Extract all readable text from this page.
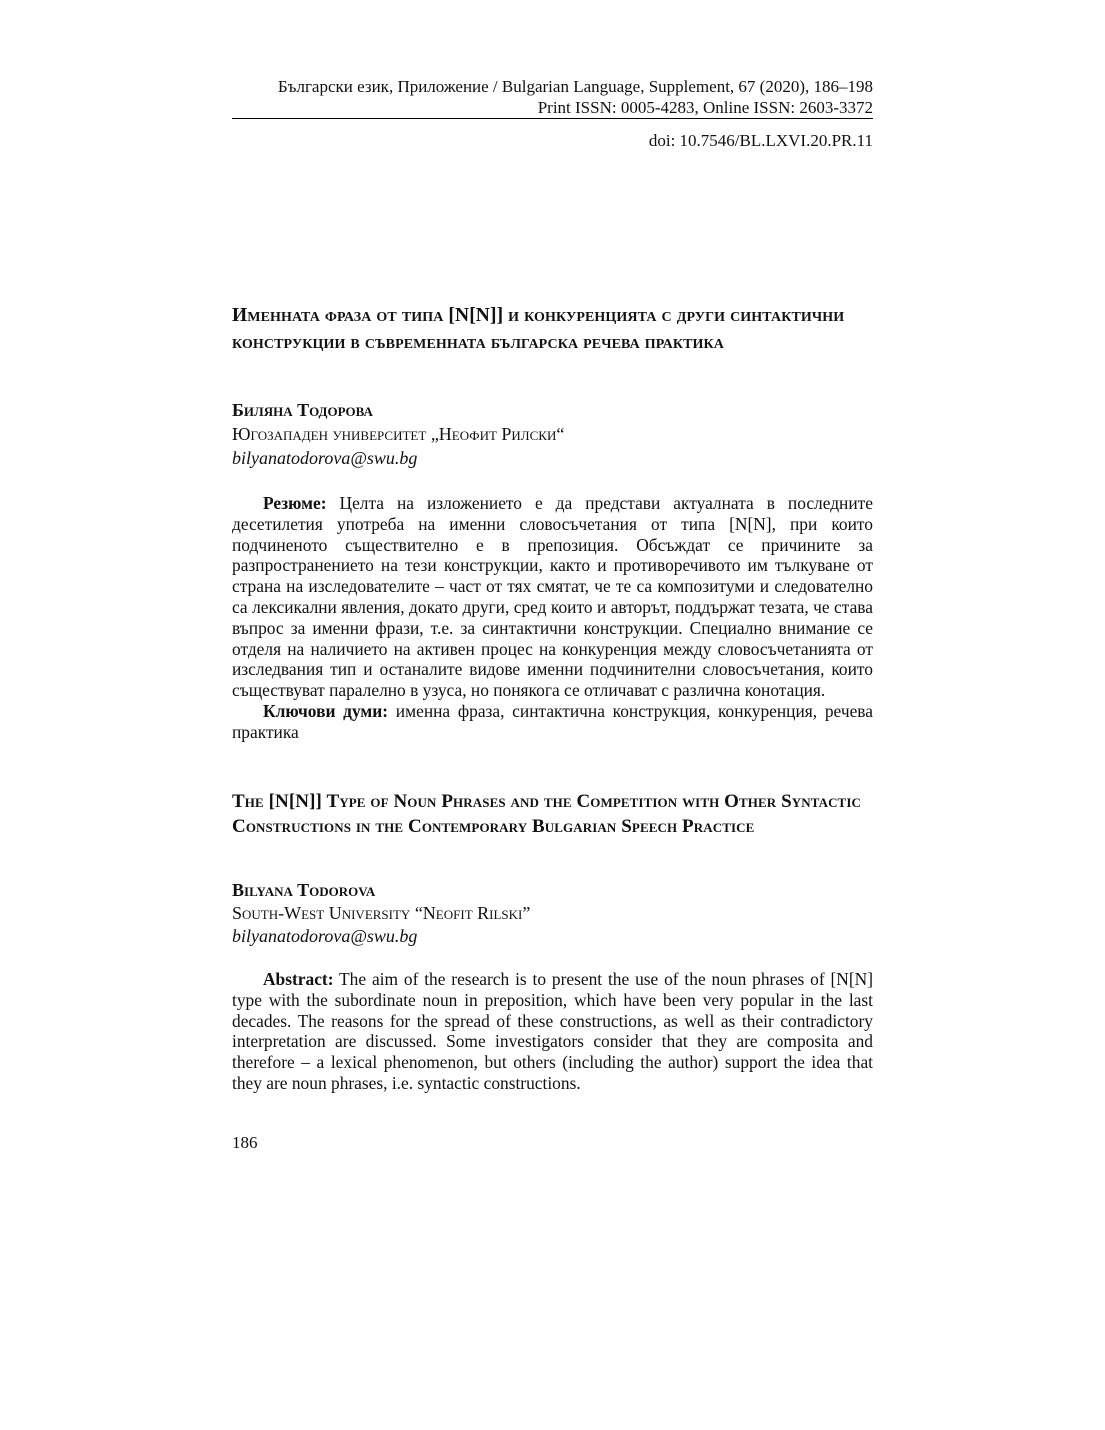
Български език, Приложение / Bulgarian Language, Supplement, 67 (2020), 186–198
Print ISSN: 0005-4283, Online ISSN: 2603-3372
doi: 10.7546/BL.LXVI.20.PR.11
Именната фраза от типа [N[N]] и конкуренцията с други синтактични конструкции в съвременната българска речева практика
Биляна Тодорова
Югозападен университет „Неофит Рилски“
bilyanatodorova@swu.bg

Резюме: Целта на изложението е да представи актуалната в последните десетилетия употреба на именни словосъчетания от типа [N[N], при които подчиненото съществително е в препозиция. Обсъждат се причините за разпространението на тези конструкции, както и противоречивото им тълкуване от страна на изследователите – част от тях смятат, че те са композитуми и следователно са лексикални явления, докато други, сред които и авторът, поддържат тезата, че става въпрос за именни фрази, т.е. за синтактични конструкции. Специално внимание се отделя на наличието на активен процес на конкуренция между словосъчетанията от изследвания тип и останалите видове именни подчинителни словосъчетания, които съществуват паралелно в узуса, но понякога се отличават с различна конотация.

Ключови думи: именна фраза, синтактична конструкция, конкуренция, речева практика

The [N[N]] Type of Noun Phrases and the Competition with Other Syntactic Constructions in the Contemporary Bulgarian Speech Practice
Bilyana Todorova
South-West University “Neofit Rilski”
bilyanatodorova@swu.bg

Abstract: The aim of the research is to present the use of the noun phrases of [N[N] type with the subordinate noun in preposition, which have been very popular in the last decades. The reasons for the spread of these constructions, as well as their contradictory interpretation are discussed. Some investigators consider that they are composita and therefore – a lexical phenomenon, but others (including the author) support the idea that they are noun phrases, i.e. syntactic constructions.

186
